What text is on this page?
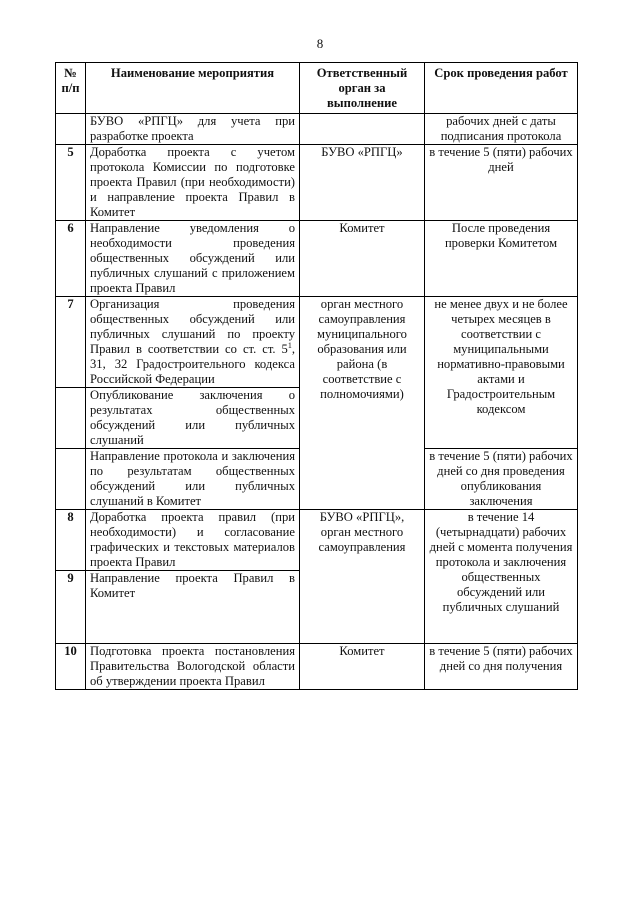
8
№ п/п	Наименование мероприятия	Ответственный орган за выполнение	Срок проведения работ
	БУВО «РПГЦ» для учета при разработке проекта		рабочих дней с даты подписания протокола
5	Доработка проекта с учетом протокола Комиссии по подготовке проекта Правил (при необходимости) и направление проекта Правил в Комитет	БУВО «РПГЦ»	в течение 5 (пяти) рабочих дней
6	Направление уведомления о необходимости проведения общественных обсуждений или публичных слушаний с приложением проекта Правил	Комитет	После проведения проверки Комитетом
7	Организация проведения общественных обсуждений или публичных слушаний по проекту Правил в соответствии со ст. ст. $5^1$, 31, 32 Градостроительного кодекса Российской Федерации	орган местного самоуправления муниципального образования или района (в соответствие с полномочиями)	не менее двух и не более четырех месяцев в соответствии с муниципальными нормативно-правовыми актами и Градостроительным кодексом
	Опубликование заключения о результатах общественных обсуждений или публичных слушаний		
	Направление протокола и заключения по результатам общественных обсуждений или публичных слушаний в Комитет		в течение 5 (пяти) рабочих дней со дня проведения опубликования заключения
8	Доработка проекта правил (при необходимости) и согласование графических и текстовых материалов проекта Правил	БУВО «РПГЦ», орган местного самоуправления	в течение 14 (четырнадцати) рабочих дней с момента получения протокола и заключения общественных обсуждений или публичных слушаний
9	Направление проекта Правил в Комитет		
10	Подготовка проекта постановления Правительства Вологодской области об утверждении проекта Правил	Комитет	в течение 5 (пяти) рабочих дней со дня получения
